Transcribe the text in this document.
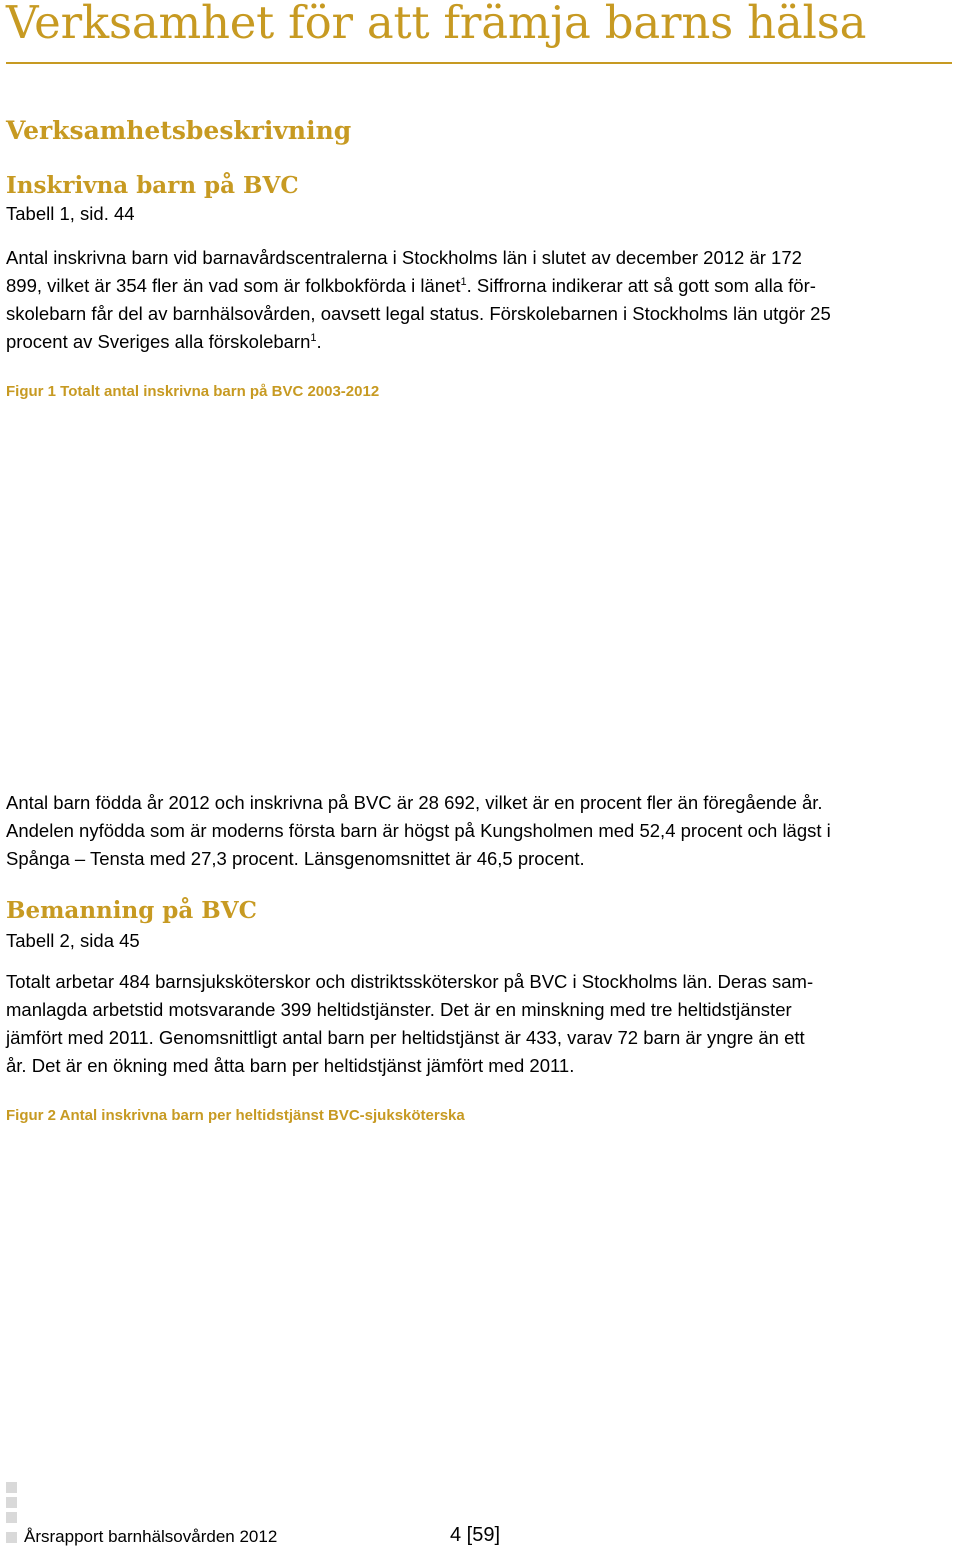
Verksamhet för att främja barns hälsa
Verksamhetsbeskrivning
Inskrivna barn på BVC
Tabell 1, sid. 44
Antal inskrivna barn vid barnavårdscentralerna i Stockholms län i slutet av december 2012 är 172
899, vilket är 354 fler än vad som är folkbokförda i länet$^1$. Siffrorna indikerar att så gott som alla för-
skolebarn får del av barnhälsovården, oavsett legal status. Förskolebarnen i Stockholms län utgör 25
procent av Sveriges alla förskolebarn$^1$.
Figur 1 Totalt antal inskrivna barn på BVC 2003-2012
Antal barn födda år 2012 och inskrivna på BVC är 28 692, vilket är en procent fler än föregående år.
Andelen nyfödda som är moderns första barn är högst på Kungsholmen med 52,4 procent och lägst i
Spånga – Tensta med 27,3 procent. Länsgenomsnittet är 46,5 procent.
Bemanning på BVC
Tabell 2, sida 45
Totalt arbetar 484 barnsjuksköterskor och distriktssköterskor på BVC i Stockholms län. Deras sam-
manlagda arbetstid motsvarande 399 heltidstjänster. Det är en minskning med tre heltidstjänster
jämfört med 2011. Genomsnittligt antal barn per heltidstjänst är 433, varav 72 barn är yngre än ett
år. Det är en ökning med åtta barn per heltidstjänst jämfört med 2011.
Figur 2 Antal inskrivna barn per heltidstjänst BVC-sjuksköterska
Årsrapport barnhälsovården 2012	4 [59]
